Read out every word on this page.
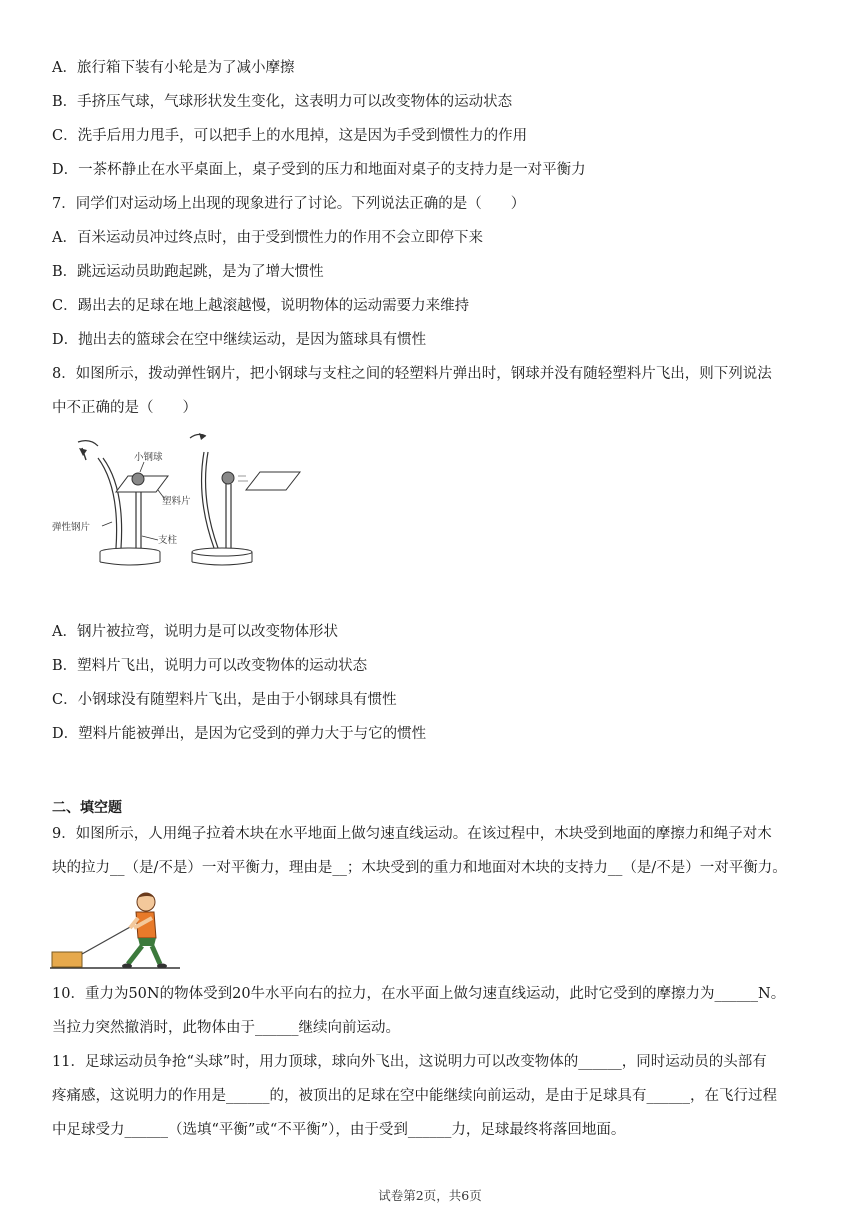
A．旅行箱下装有小轮是为了减小摩擦
B．手挤压气球，气球形状发生变化，这表明力可以改变物体的运动状态
C．洗手后用力甩手，可以把手上的水甩掉，这是因为手受到惯性力的作用
D．一茶杯静止在水平桌面上，桌子受到的压力和地面对桌子的支持力是一对平衡力
7．同学们对运动场上出现的现象进行了讨论。下列说法正确的是（　　）
A．百米运动员冲过终点时，由于受到惯性力的作用不会立即停下来
B．跳远运动员助跑起跳，是为了增大惯性
C．踢出去的足球在地上越滚越慢，说明物体的运动需要力来维持
D．抛出去的篮球会在空中继续运动，是因为篮球具有惯性
8．如图所示，拨动弹性钢片，把小钢球与支柱之间的轻塑料片弹出时，钢球并没有随轻塑料片飞出，则下列说法
中不正确的是（　　）
小钢球
塑料片
弹性钢片
支柱
A．钢片被拉弯，说明力是可以改变物体形状
B．塑料片飞出，说明力可以改变物体的运动状态
C．小钢球没有随塑料片飞出，是由于小钢球具有惯性
D．塑料片能被弹出，是因为它受到的弹力大于与它的惯性
二、填空题
9．如图所示，人用绳子拉着木块在水平地面上做匀速直线运动。在该过程中，木块受到地面的摩擦力和绳子对木
块的拉力__（是/不是）一对平衡力，理由是__；木块受到的重力和地面对木块的支持力__（是/不是）一对平衡力。
10．重力为50N的物体受到20牛水平向右的拉力，在水平面上做匀速直线运动，此时它受到的摩擦力为______N。
当拉力突然撤消时，此物体由于______继续向前运动。
11．足球运动员争抢“头球”时，用力顶球，球向外飞出，这说明力可以改变物体的______，同时运动员的头部有
疼痛感，这说明力的作用是______的，被顶出的足球在空中能继续向前运动，是由于足球具有______，在飞行过程
中足球受力______（选填“平衡”或“不平衡”），由于受到______力，足球最终将落回地面。
试卷第2页，共6页
